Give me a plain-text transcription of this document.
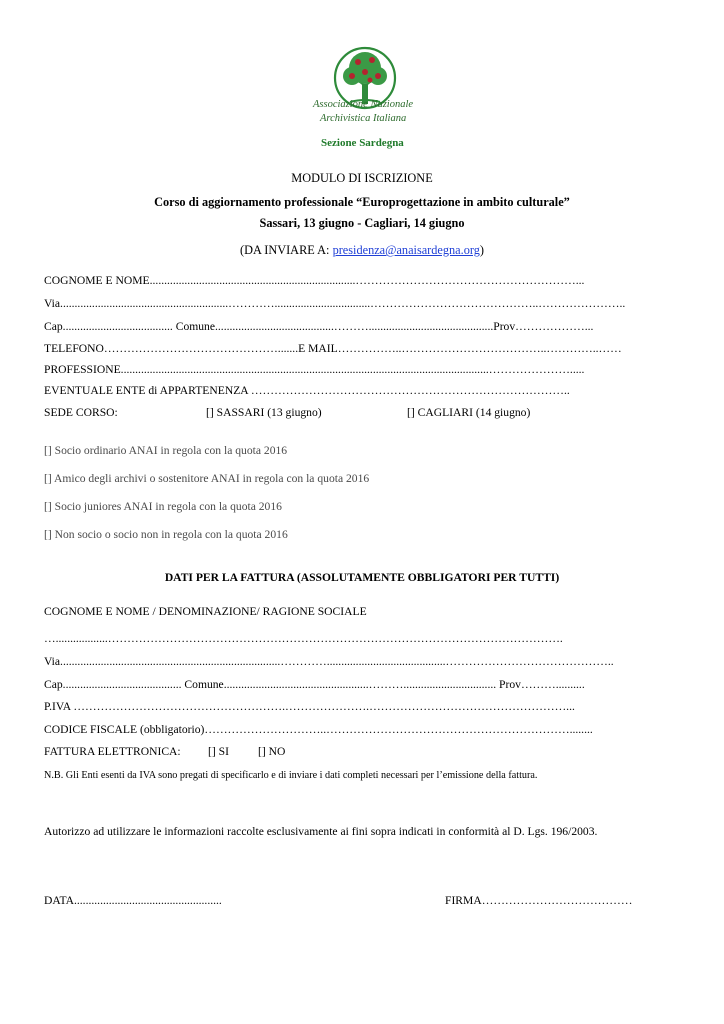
Associazione Nazionale
Archivistica Italiana
Sezione Sardegna
MODULO DI ISCRIZIONE
Corso di aggiornamento professionale “Europrogettazione in ambito culturale”
Sassari, 13 giugno - Cagliari, 14 giugno
(DA INVIARE A: presidenza@anaisardegna.org)
COGNOME E NOME.......................................................................…………………………………………………...
Via..........................................................………….................................……………………………………..…………………..
Cap...................................... Comune.........................................………...........................................Prov………………...
TELEFONO……………………………………….......E MAIL……………..………………………………..…………..……
PROFESSIONE...............................................................................................................................………………….....
EVENTUALE ENTE di APPARTENENZA ………………………………………………………………………..
SEDE CORSO:	[] SASSARI (13 giugno)	[] CAGLIARI (14 giugno)
[] Socio ordinario ANAI in regola con la quota 2016
[] Amico degli archivi o sostenitore ANAI in regola con la quota 2016
[] Socio juniores ANAI in regola con la quota 2016
[] Non socio o socio non in regola con la quota 2016
DATI PER LA FATTURA (ASSOLUTAMENTE OBBLIGATORI PER TUTTI)
COGNOME E NOME / DENOMINAZIONE/ RAGIONE SOCIALE
…..................……………………………………………………………………………………………………….
Via............................................................................………….........................................……………………………………..
Cap......................................... Comune..................................................………................................ Prov………..........
P.IVA ……………………………………………….………………….……………………………………………...
CODICE FISCALE (obbligatorio)…………………………..………………………………………………………........
FATTURA ELETTRONICA: [] SI	[] NO
N.B. Gli Enti esenti da IVA sono pregati di specificarlo e di inviare i dati completi necessari per l’emissione della fattura.
Autorizzo ad utilizzare le informazioni raccolte esclusivamente ai fini sopra indicati in conformità al D. Lgs. 196/2003.
DATA...................................................	FIRMA…………………………………
